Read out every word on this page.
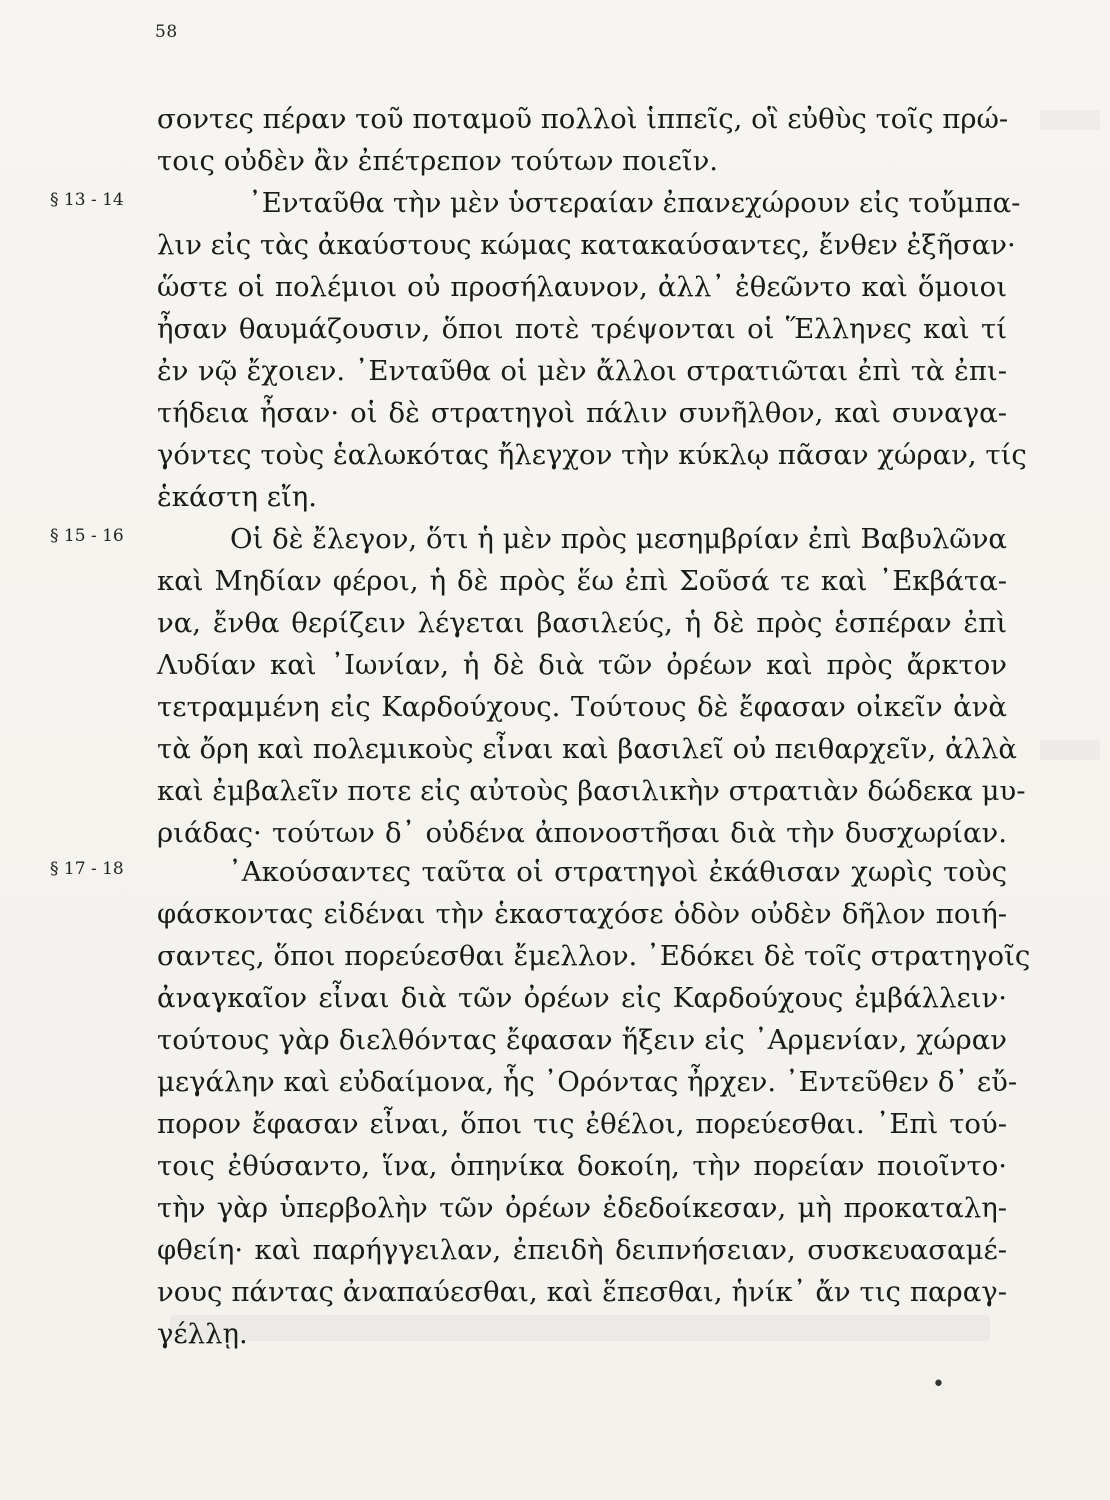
58
§ 13 - 14
§ 15 - 16
§ 17 - 18
σοντες πέραν τοῦ ποταμοῦ πολλοὶ ἱππεῖς, οἳ εὐθὺς τοῖς πρώ-
τοις οὐδὲν ἂν ἐπέτρεπον τούτων ποιεῖν.
᾿Ενταῦθα τὴν μὲν ὑστεραίαν ἐπανεχώρουν εἰς τοὔμπα-
λιν εἰς τὰς ἀκαύστους κώμας κατακαύσαντες, ἔνθεν ἐξῆσαν·
ὥστε οἱ πολέμιοι οὐ προσήλαυνον, ἀλλ᾽ ἐθεῶντο καὶ ὅμοιοι
ἦσαν θαυμάζουσιν, ὅποι ποτὲ τρέψονται οἱ Ἕλληνες καὶ τί
ἐν νῷ ἔχοιεν. ᾿Ενταῦθα οἱ μὲν ἄλλοι στρατιῶται ἐπὶ τὰ ἐπι-
τήδεια ἦσαν· οἱ δὲ στρατηγοὶ πάλιν συνῆλθον, καὶ συναγα-
γόντες τοὺς ἑαλωκότας ἤλεγχον τὴν κύκλῳ πᾶσαν χώραν, τίς
ἑκάστη εἴη.
Οἱ δὲ ἔλεγον, ὅτι ἡ μὲν πρὸς μεσημβρίαν ἐπὶ Βαβυλῶνα
καὶ Μηδίαν φέροι, ἡ δὲ πρὸς ἕω ἐπὶ Σοῦσά τε καὶ ᾿Εκβάτα-
να, ἔνθα θερίζειν λέγεται βασιλεύς, ἡ δὲ πρὸς ἑσπέραν ἐπὶ
Λυδίαν καὶ ᾿Ιωνίαν, ἡ δὲ διὰ τῶν ὀρέων καὶ πρὸς ἄρκτον
τετραμμένη εἰς Καρδούχους. Τούτους δὲ ἔφασαν οἰκεῖν ἀνὰ
τὰ ὄρη καὶ πολεμικοὺς εἶναι καὶ βασιλεῖ οὐ πειθαρχεῖν, ἀλλὰ
καὶ ἐμβαλεῖν ποτε εἰς αὐτοὺς βασιλικὴν στρατιὰν δώδεκα μυ-
ριάδας· τούτων δ᾽ οὐδένα ἀπονοστῆσαι διὰ τὴν δυσχωρίαν.
᾿Ακούσαντες ταῦτα οἱ στρατηγοὶ ἐκάθισαν χωρὶς τοὺς
φάσκοντας εἰδέναι τὴν ἑκασταχόσε ὁδὸν οὐδὲν δῆλον ποιή-
σαντες, ὅποι πορεύεσθαι ἔμελλον. ᾿Εδόκει δὲ τοῖς στρατηγοῖς
ἀναγκαῖον εἶναι διὰ τῶν ὀρέων εἰς Καρδούχους ἐμβάλλειν·
τούτους γὰρ διελθόντας ἔφασαν ἥξειν εἰς ᾿Αρμενίαν, χώραν
μεγάλην καὶ εὐδαίμονα, ἧς ᾿Ορόντας ἦρχεν. ᾿Εντεῦθεν δ᾽ εὔ-
πορον ἔφασαν εἶναι, ὅποι τις ἐθέλοι, πορεύεσθαι. ᾿Επὶ τού-
τοις ἐθύσαντο, ἵνα, ὁπηνίκα δοκοίη, τὴν πορείαν ποιοῖντο·
τὴν γὰρ ὑπερβολὴν τῶν ὀρέων ἐδεδοίκεσαν, μὴ προκαταλη-
φθείη· καὶ παρήγγειλαν, ἐπειδὴ δειπνήσειαν, συσκευασαμέ-
νους πάντας ἀναπαύεσθαι, καὶ ἕπεσθαι, ἡνίκ᾽ ἄν τις παραγ-
γέλλῃ.
•
